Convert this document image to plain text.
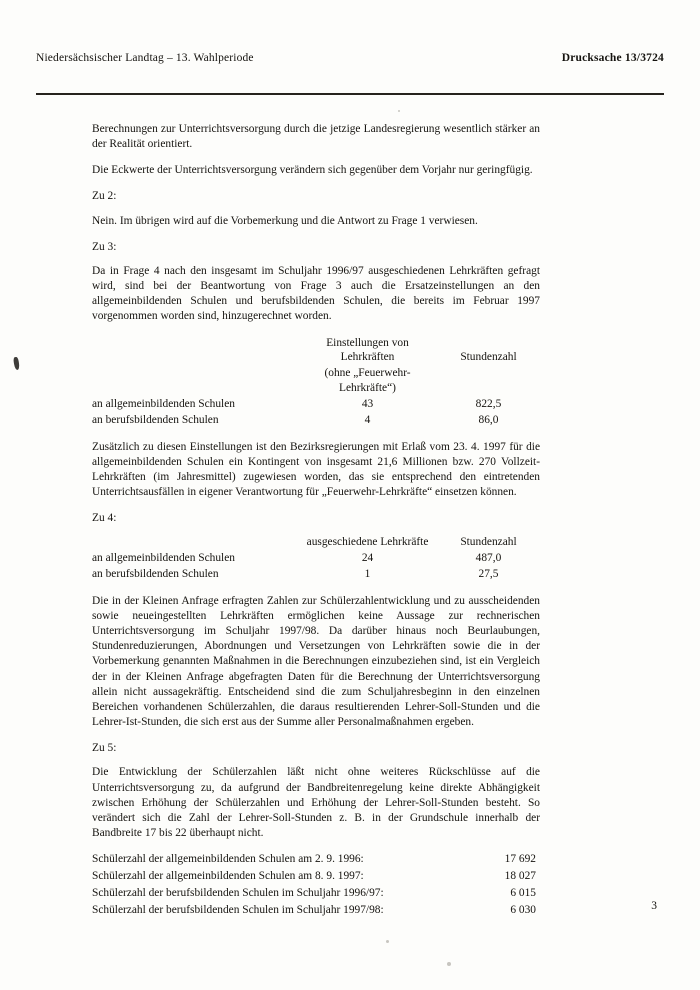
Niedersächsischer Landtag – 13. Wahlperiode	Drucksache 13/3724

Berechnungen zur Unterrichtsversorgung durch die jetzige Landesregierung wesentlich stärker an der Realität orientiert.

Die Eckwerte der Unterrichtsversorgung verändern sich gegenüber dem Vorjahr nur geringfügig.

Zu 2:

Nein. Im übrigen wird auf die Vorbemerkung und die Antwort zu Frage 1 verwiesen.

Zu 3:

Da in Frage 4 nach den insgesamt im Schuljahr 1996/97 ausgeschiedenen Lehrkräften gefragt wird, sind bei der Beantwortung von Frage 3 auch die Ersatzeinstellungen an den allgemeinbildenden Schulen und berufsbildenden Schulen, die bereits im Februar 1997 vorgenommen worden sind, hinzugerechnet worden.

	Einstellungen von Lehrkräften	Stundenzahl
	(ohne „Feuerwehr-Lehrkräfte“)	
an allgemeinbildenden Schulen	43	822,5
an berufsbildenden Schulen	4	86,0

Zusätzlich zu diesen Einstellungen ist den Bezirksregierungen mit Erlaß vom 23. 4. 1997 für die allgemeinbildenden Schulen ein Kontingent von insgesamt 21,6 Millionen bzw. 270 Vollzeit-Lehrkräften (im Jahresmittel) zugewiesen worden, das sie entsprechend den eintretenden Unterrichtsausfällen in eigener Verantwortung für „Feuerwehr-Lehrkräfte“ einsetzen können.

Zu 4:

	ausgeschiedene Lehrkräfte	Stundenzahl
an allgemeinbildenden Schulen	24	487,0
an berufsbildenden Schulen	1	27,5

Die in der Kleinen Anfrage erfragten Zahlen zur Schülerzahlentwicklung und zu ausscheidenden sowie neueingestellten Lehrkräften ermöglichen keine Aussage zur rechnerischen Unterrichtsversorgung im Schuljahr 1997/98. Da darüber hinaus noch Beurlaubungen, Stundenreduzierungen, Abordnungen und Versetzungen von Lehrkräften sowie die in der Vorbemerkung genannten Maßnahmen in die Berechnungen einzubeziehen sind, ist ein Vergleich der in der Kleinen Anfrage abgefragten Daten für die Berechnung der Unterrichtsversorgung allein nicht aussagekräftig. Entscheidend sind die zum Schuljahresbeginn in den einzelnen Bereichen vorhandenen Schülerzahlen, die daraus resultierenden Lehrer-Soll-Stunden und die Lehrer-Ist-Stunden, die sich erst aus der Summe aller Personalmaßnahmen ergeben.

Zu 5:

Die Entwicklung der Schülerzahlen läßt nicht ohne weiteres Rückschlüsse auf die Unterrichtsversorgung zu, da aufgrund der Bandbreitenregelung keine direkte Abhängigkeit zwischen Erhöhung der Schülerzahlen und Erhöhung der Lehrer-Soll-Stunden besteht. So verändert sich die Zahl der Lehrer-Soll-Stunden z. B. in der Grundschule innerhalb der Bandbreite 17 bis 22 überhaupt nicht.

Schülerzahl der allgemeinbildenden Schulen am 2. 9. 1996:	17 692
Schülerzahl der allgemeinbildenden Schulen am 8. 9. 1997:	18 027
Schülerzahl der berufsbildenden Schulen im Schuljahr 1996/97:	6 015
Schülerzahl der berufsbildenden Schulen im Schuljahr 1997/98:	6 030	3
